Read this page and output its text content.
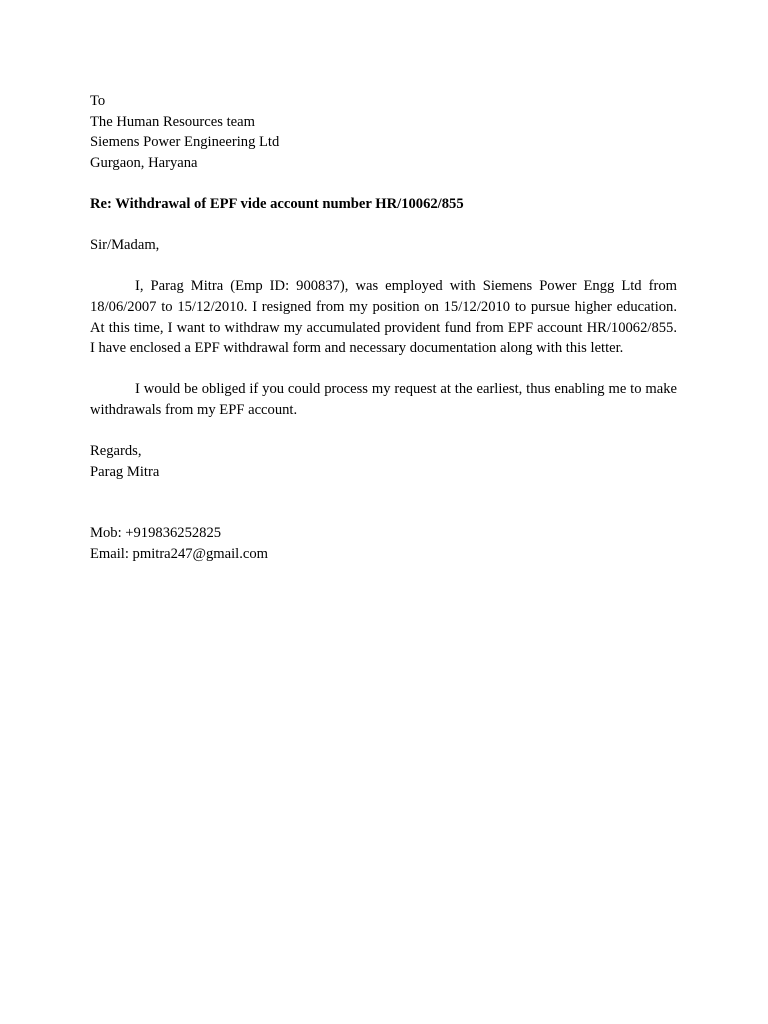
To
The Human Resources team
Siemens Power Engineering Ltd
Gurgaon, Haryana
Re: Withdrawal of EPF vide account number HR/10062/855
Sir/Madam,
I, Parag Mitra (Emp ID: 900837), was employed with Siemens Power Engg Ltd from 18/06/2007 to 15/12/2010. I resigned from my position on 15/12/2010 to pursue higher education. At this time, I want to withdraw my accumulated provident fund from EPF account HR/10062/855. I have enclosed a EPF withdrawal form and necessary documentation along with this letter.
I would be obliged if you could process my request at the earliest, thus enabling me to make withdrawals from my EPF account.
Regards,
Parag Mitra
Mob: +919836252825
Email: pmitra247@gmail.com
